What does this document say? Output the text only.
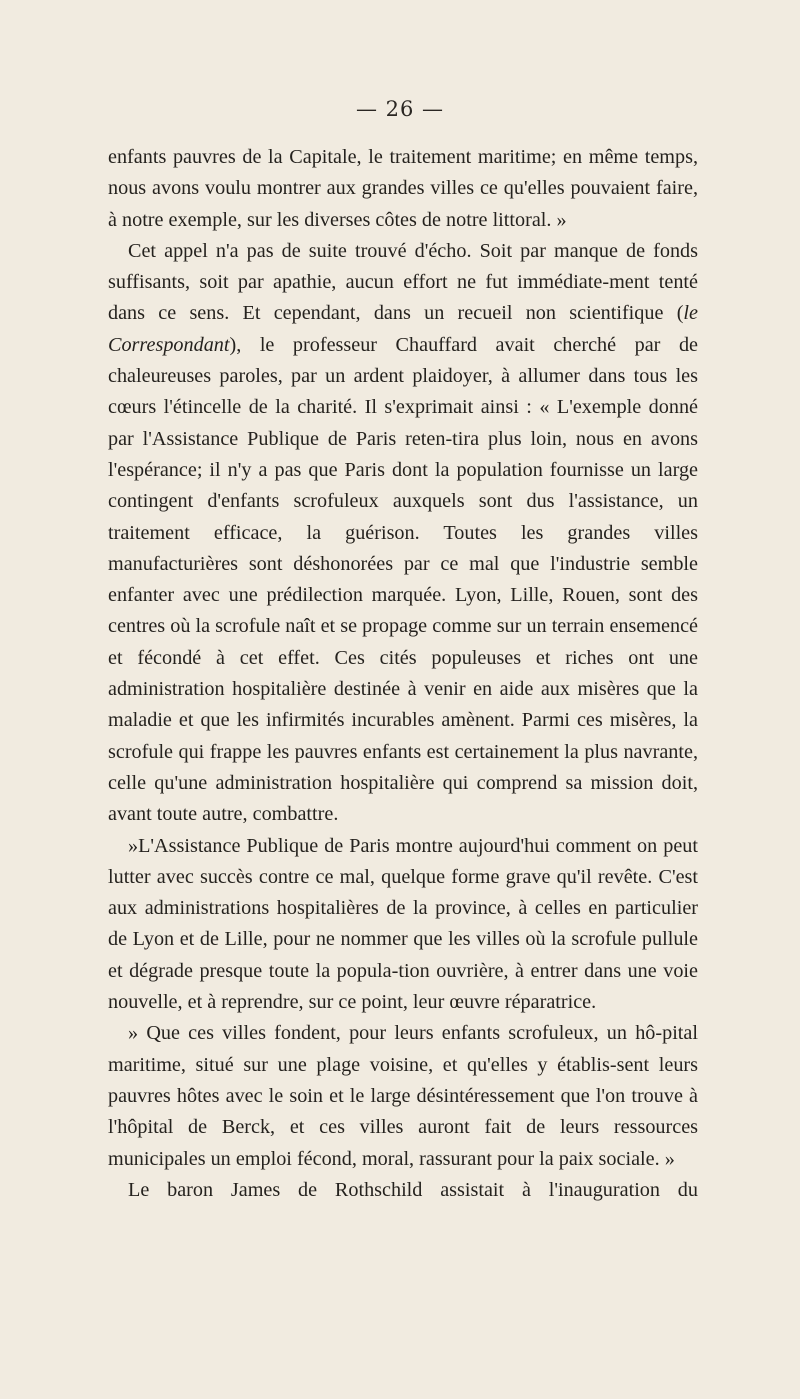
— 26 —

enfants pauvres de la Capitale, le traitement maritime; en même temps, nous avons voulu montrer aux grandes villes ce qu'elles pouvaient faire, à notre exemple, sur les diverses côtes de notre littoral. »

Cet appel n'a pas de suite trouvé d'écho. Soit par manque de fonds suffisants, soit par apathie, aucun effort ne fut immédiate-ment tenté dans ce sens. Et cependant, dans un recueil non scientifique (le Correspondant), le professeur Chauffard avait cherché par de chaleureuses paroles, par un ardent plaidoyer, à allumer dans tous les cœurs l'étincelle de la charité. Il s'exprimait ainsi : « L'exemple donné par l'Assistance Publique de Paris reten-tira plus loin, nous en avons l'espérance; il n'y a pas que Paris dont la population fournisse un large contingent d'enfants scrofuleux auxquels sont dus l'assistance, un traitement efficace, la guérison. Toutes les grandes villes manufacturières sont déshonorées par ce mal que l'industrie semble enfanter avec une prédilection marquée. Lyon, Lille, Rouen, sont des centres où la scrofule naît et se propage comme sur un terrain ensemencé et fécondé à cet effet. Ces cités populeuses et riches ont une administration hospitalière destinée à venir en aide aux misères que la maladie et que les infirmités incurables amènent. Parmi ces misères, la scrofule qui frappe les pauvres enfants est certainement la plus navrante, celle qu'une administration hospitalière qui comprend sa mission doit, avant toute autre, combattre.

»L'Assistance Publique de Paris montre aujourd'hui comment on peut lutter avec succès contre ce mal, quelque forme grave qu'il revête. C'est aux administrations hospitalières de la province, à celles en particulier de Lyon et de Lille, pour ne nommer que les villes où la scrofule pullule et dégrade presque toute la popula-tion ouvrière, à entrer dans une voie nouvelle, et à reprendre, sur ce point, leur œuvre réparatrice.

» Que ces villes fondent, pour leurs enfants scrofuleux, un hô-pital maritime, situé sur une plage voisine, et qu'elles y établis-sent leurs pauvres hôtes avec le soin et le large désintéressement que l'on trouve à l'hôpital de Berck, et ces villes auront fait de leurs ressources municipales un emploi fécond, moral, rassurant pour la paix sociale. »

Le baron James de Rothschild assistait à l'inauguration du
